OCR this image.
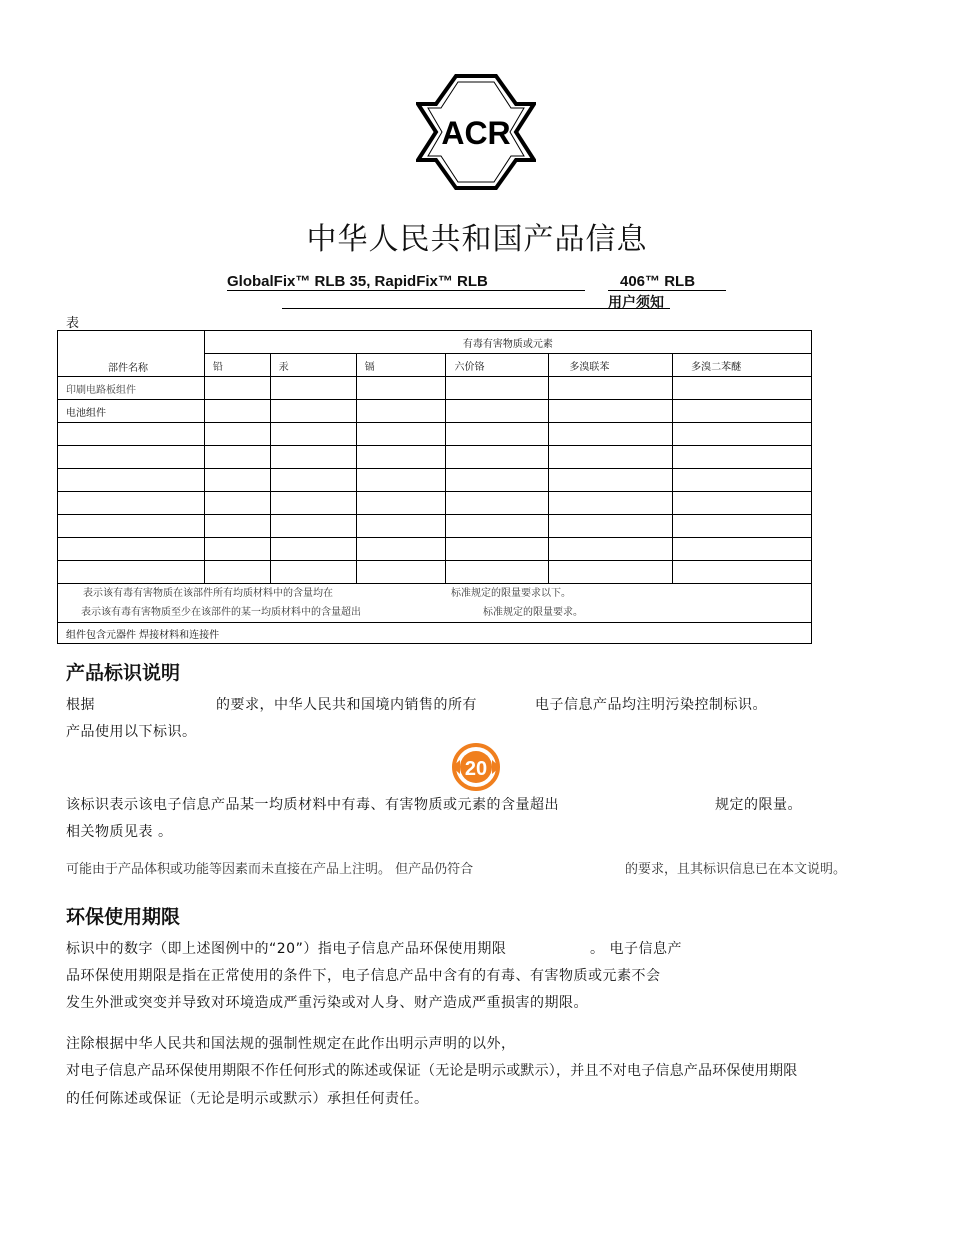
ACR
中华人民共和国产品信息
GlobalFix™ RLB 35, RapidFix™ RLB	406™ RLB
用户须知
表
部件名称	有毒有害物质或元素					
	铅	汞	镉	六价铬	多溴联苯	多溴二苯醚
印刷电路板组件						
电池组件						

表示该有毒有害物质在该部件所有均质材料中的含量均在 标准规定的限量要求以下。
表示该有毒有害物质至少在该部件的某一均质材料中的含量超出 标准规定的限量要求。						

组件包含元器件 焊接材料和连接件						
产品标识说明
根据	的要求，中华人民共和国境内销售的所有	电子信息产品均注明污染控制标识。
产品使用以下标识。
20
该标识表示该电子信息产品某一均质材料中有毒、有害物质或元素的含量超出	规定的限量。
相关物质见表 。
可能由于产品体积或功能等因素而未直接在产品上注明。 但产品仍符合	的要求，且其标识信息已在本文说明。
环保使用期限
标识中的数字（即上述图例中的“20”）指电子信息产品环保使用期限	。 电子信息产
品环保使用期限是指在正常使用的条件下，电子信息产品中含有的有毒、有害物质或元素不会
发生外泄或突变并导致对环境造成严重污染或对人身、财产造成严重损害的期限。
注除根据中华人民共和国法规的强制性规定在此作出明示声明的以外，
对电子信息产品环保使用期限不作任何形式的陈述或保证（无论是明示或默示），并且不对电子信息产品环保使用期限
的任何陈述或保证（无论是明示或默示）承担任何责任。
